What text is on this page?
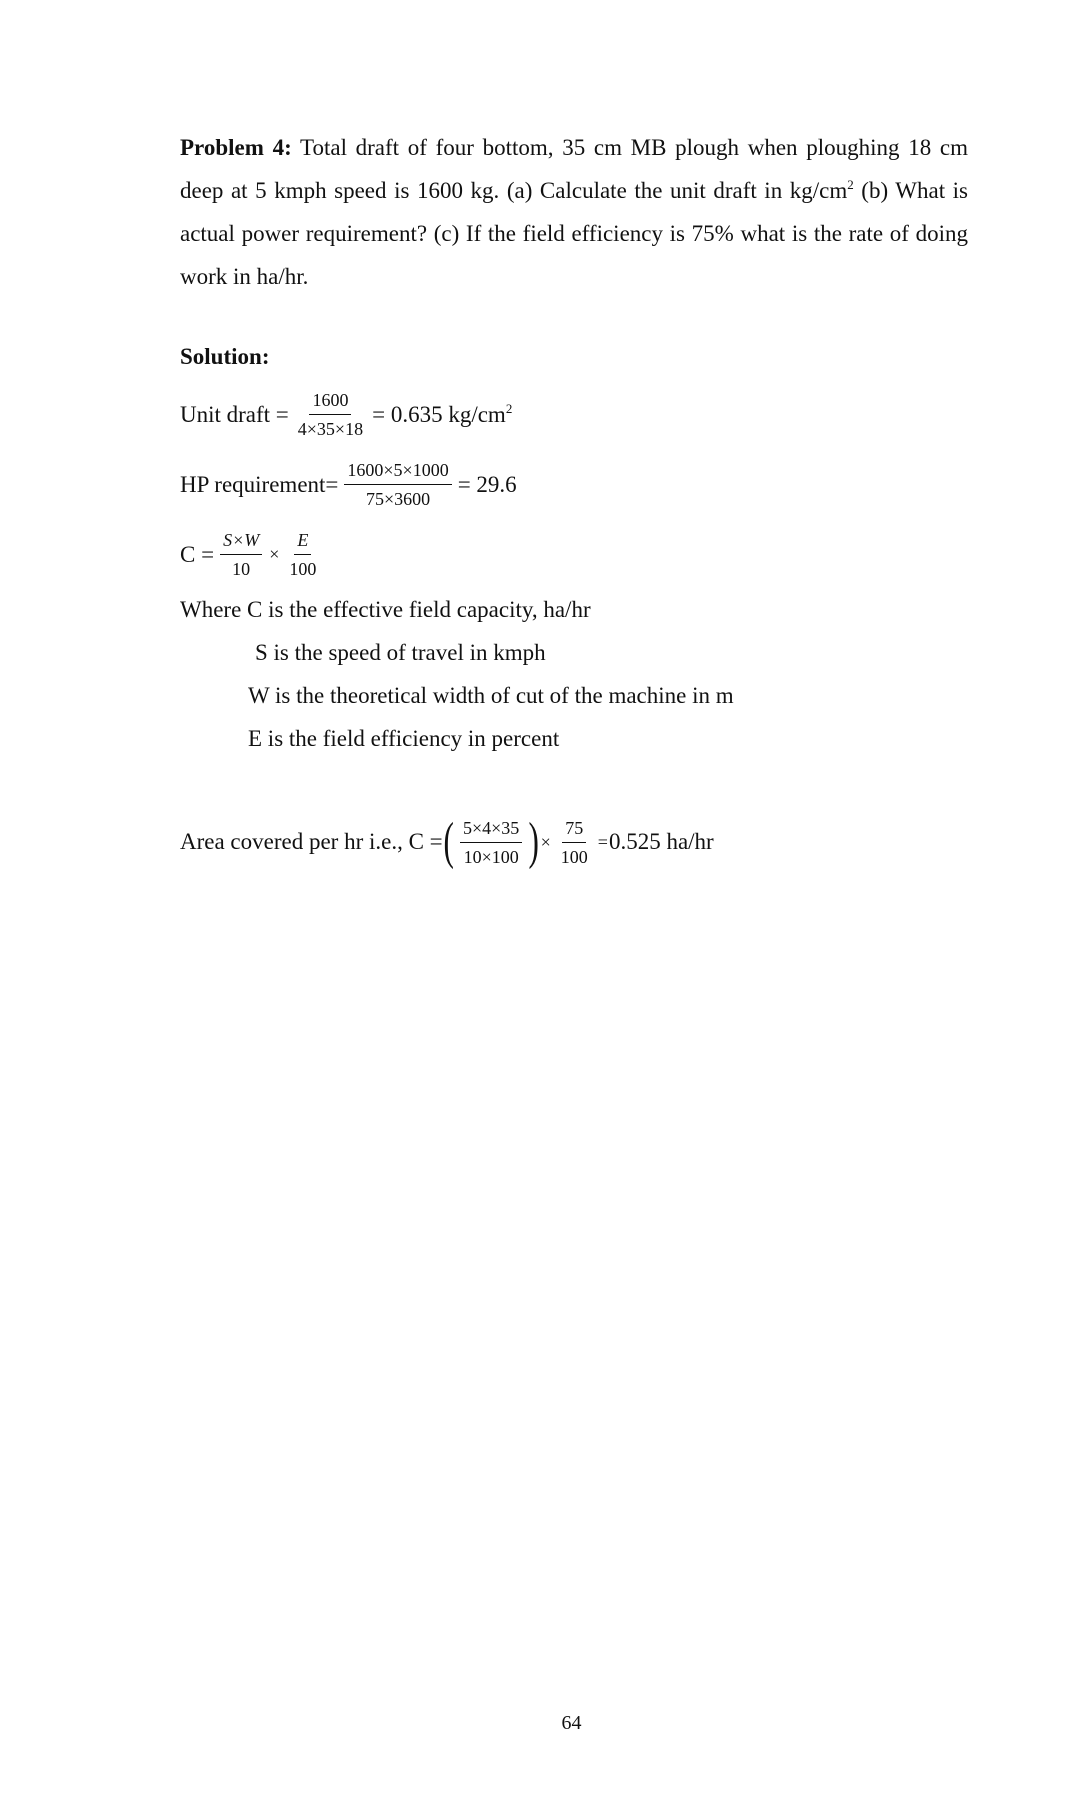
Problem 4: Total draft of four bottom, 35 cm MB plough when ploughing 18 cm deep at 5 kmph speed is 1600 kg. (a) Calculate the unit draft in $kg/cm^2$ (b) What is actual power requirement? (c) If the field efficiency is 75% what is the rate of doing work in ha/hr.
Solution:
Unit draft = $\frac{1600}{4\times 35\times 18} = 0.635$ $kg/cm^2$
HP requirement= $\frac{1600\times 5\times 1000}{75\times 3600} = 29.6$
$C = \frac{S\times W}{10} \times \frac{E}{100}$
Where C is the effective field capacity, ha/hr
S is the speed of travel in kmph
W is the theoretical width of cut of the machine in m
E is the field efficiency in percent
Area covered per hr i.e., C = ( $\frac{5\times 4\times 35}{10\times 100}$ ) × $\frac{75}{100} = 0.525$ ha/hr
64
